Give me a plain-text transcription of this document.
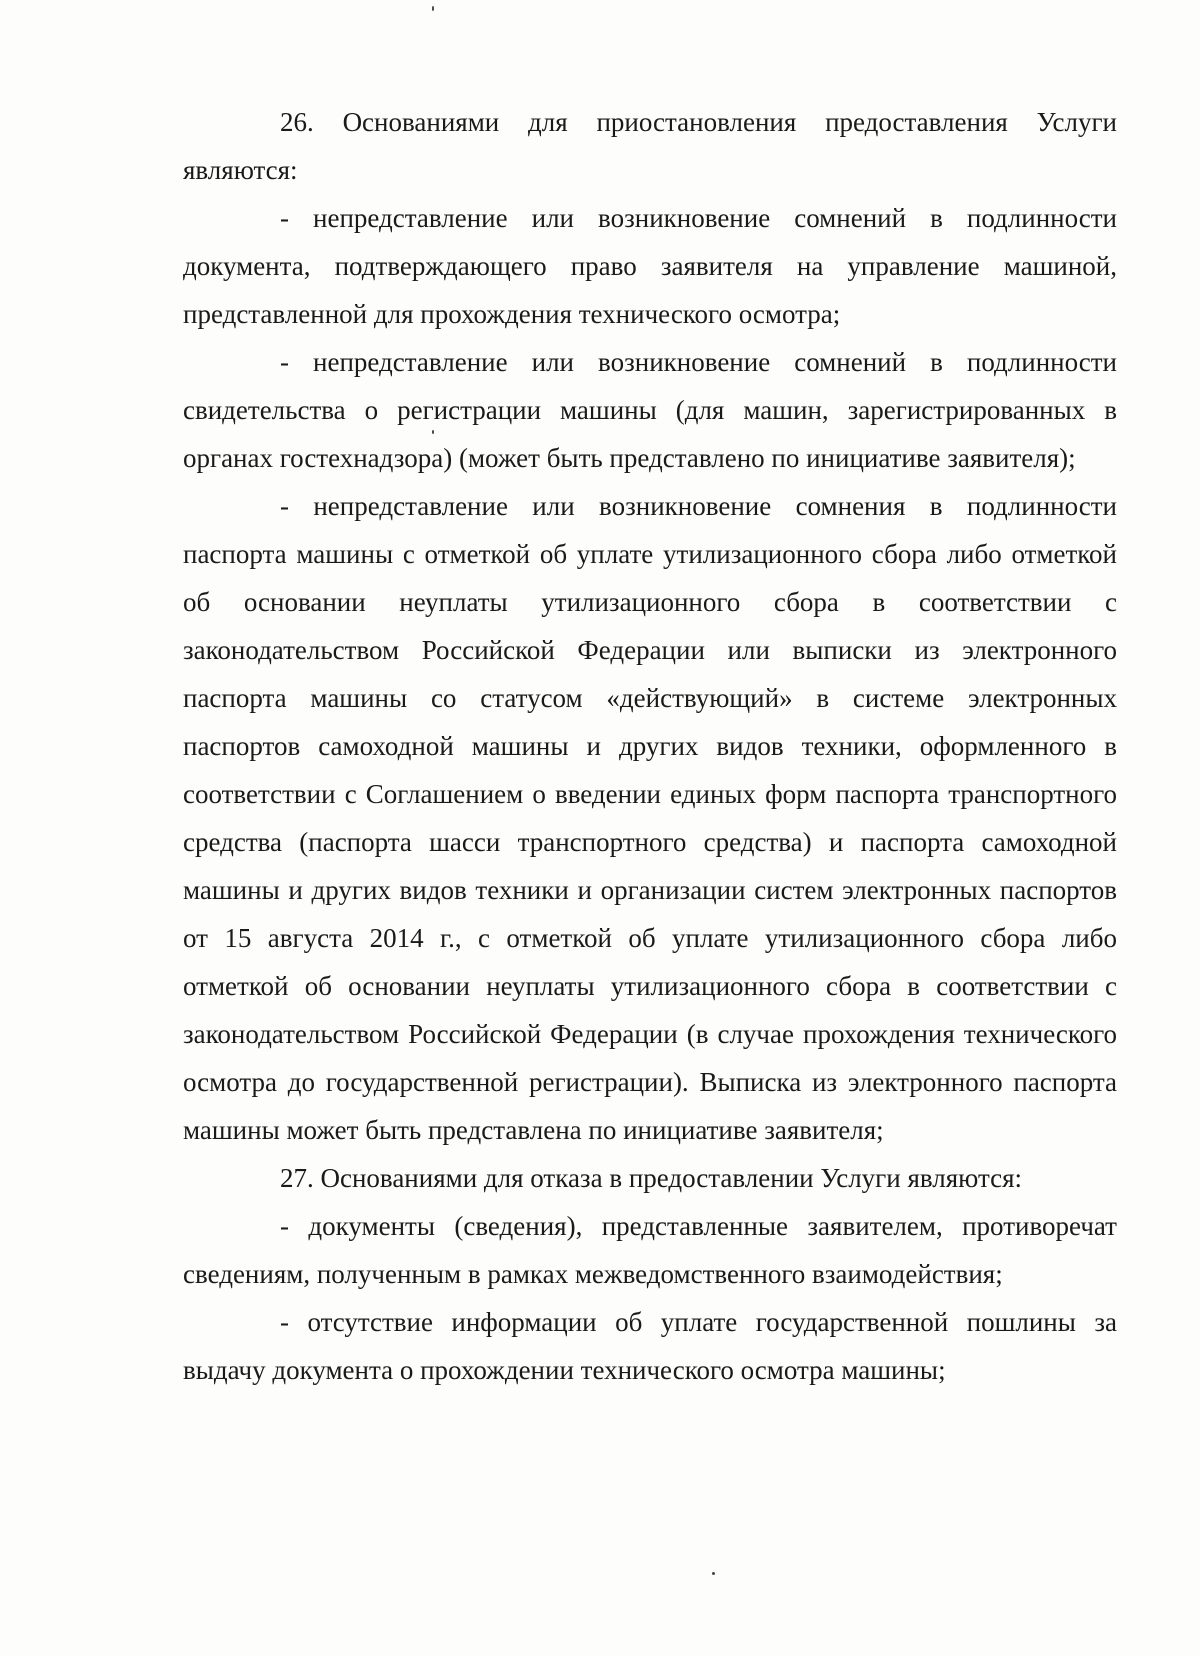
26. Основаниями для приостановления предоставления Услуги являются:

- непредставление или возникновение сомнений в подлинности документа, подтверждающего право заявителя на управление машиной, представленной для прохождения технического осмотра;

- непредставление или возникновение сомнений в подлинности свидетельства о регистрации машины (для машин, зарегистрированных в органах гостехнадзора) (может быть представлено по инициативе заявителя);

- непредставление или возникновение сомнения в подлинности паспорта машины с отметкой об уплате утилизационного сбора либо отметкой об основании неуплаты утилизационного сбора в соответствии с законодательством Российской Федерации или выписки из электронного паспорта машины со статусом «действующий» в системе электронных паспортов самоходной машины и других видов техники, оформленного в соответствии с Соглашением о введении единых форм паспорта транспортного средства (паспорта шасси транспортного средства) и паспорта самоходной машины и других видов техники и организации систем электронных паспортов от 15 августа 2014 г., с отметкой об уплате утилизационного сбора либо отметкой об основании неуплаты утилизационного сбора в соответствии с законодательством Российской Федерации (в случае прохождения технического осмотра до государственной регистрации). Выписка из электронного паспорта машины может быть представлена по инициативе заявителя;

27. Основаниями для отказа в предоставлении Услуги являются:

- документы (сведения), представленные заявителем, противоречат сведениям, полученным в рамках межведомственного взаимодействия;

- отсутствие информации об уплате государственной пошлины за выдачу документа о прохождении технического осмотра машины;
